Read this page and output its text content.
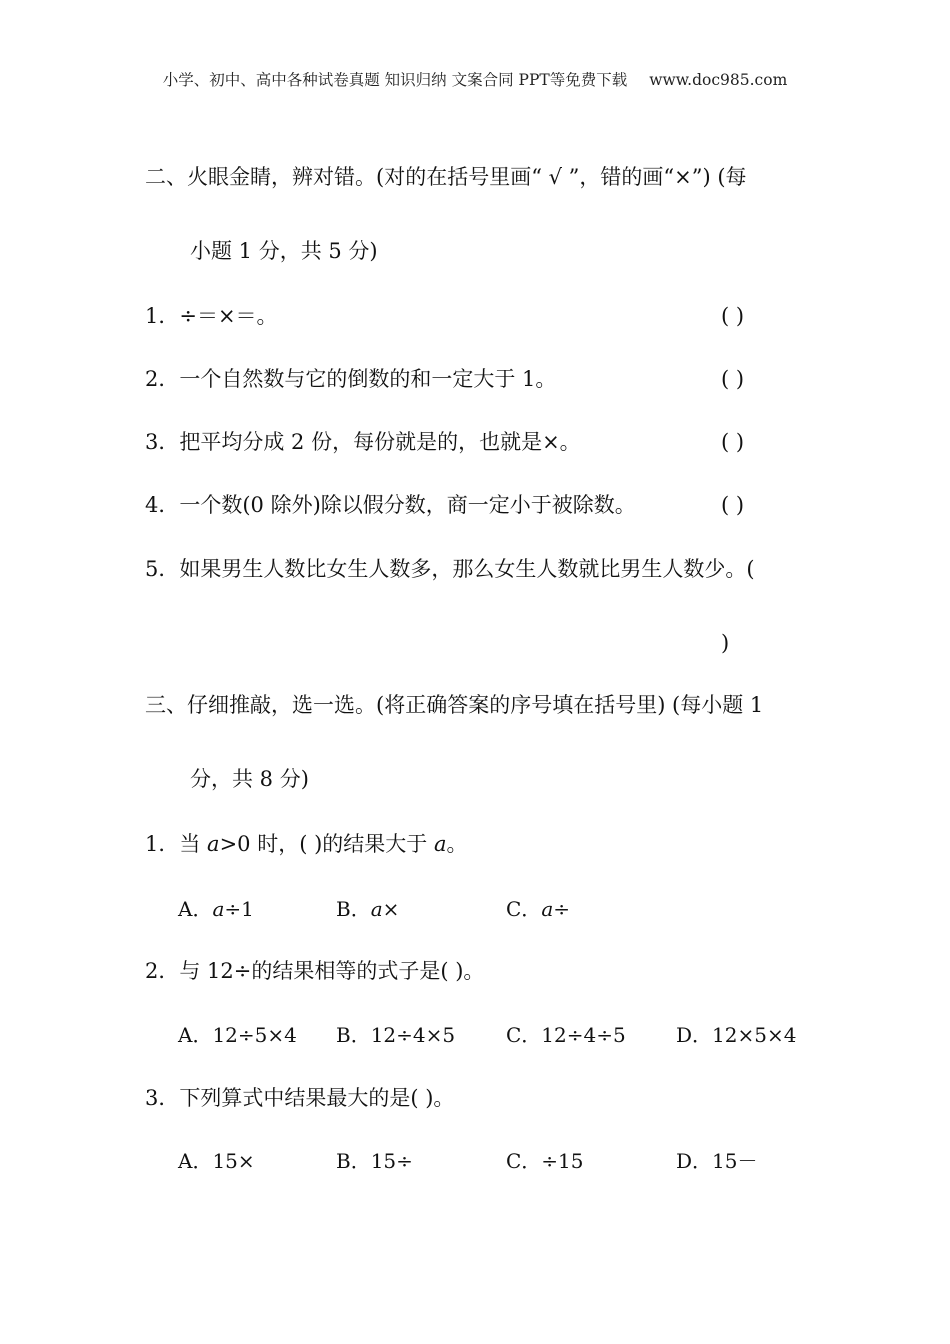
小学、初中、高中各种试卷真题 知识归纳 文案合同 PPT等免费下载 www.doc985.com
二、火眼金睛，辨对错。(对的在括号里画“ √ ”，错的画“×”) (每
小题 1 分，共 5 分)
1．÷＝×＝。	( )
2．一个自然数与它的倒数的和一定大于 1。	( )
3．把平均分成 2 份，每份就是的，也就是×。	( )
4．一个数(0 除外)除以假分数，商一定小于被除数。	( )
5．如果男生人数比女生人数多，那么女生人数就比男生人数少。(
)
三、仔细推敲，选一选。(将正确答案的序号填在括号里) (每小题 1
分，共 8 分)
1．当 a>0 时，( )的结果大于 a。
A．a÷1	B．a×	C．a÷
2．与 12÷的结果相等的式子是( )。
A．12÷5×4 B．12÷4×5	C．12÷4÷5	D．12×5×4
3．下列算式中结果最大的是( )。
A．15×	B．15÷	C．÷15	D．15－
